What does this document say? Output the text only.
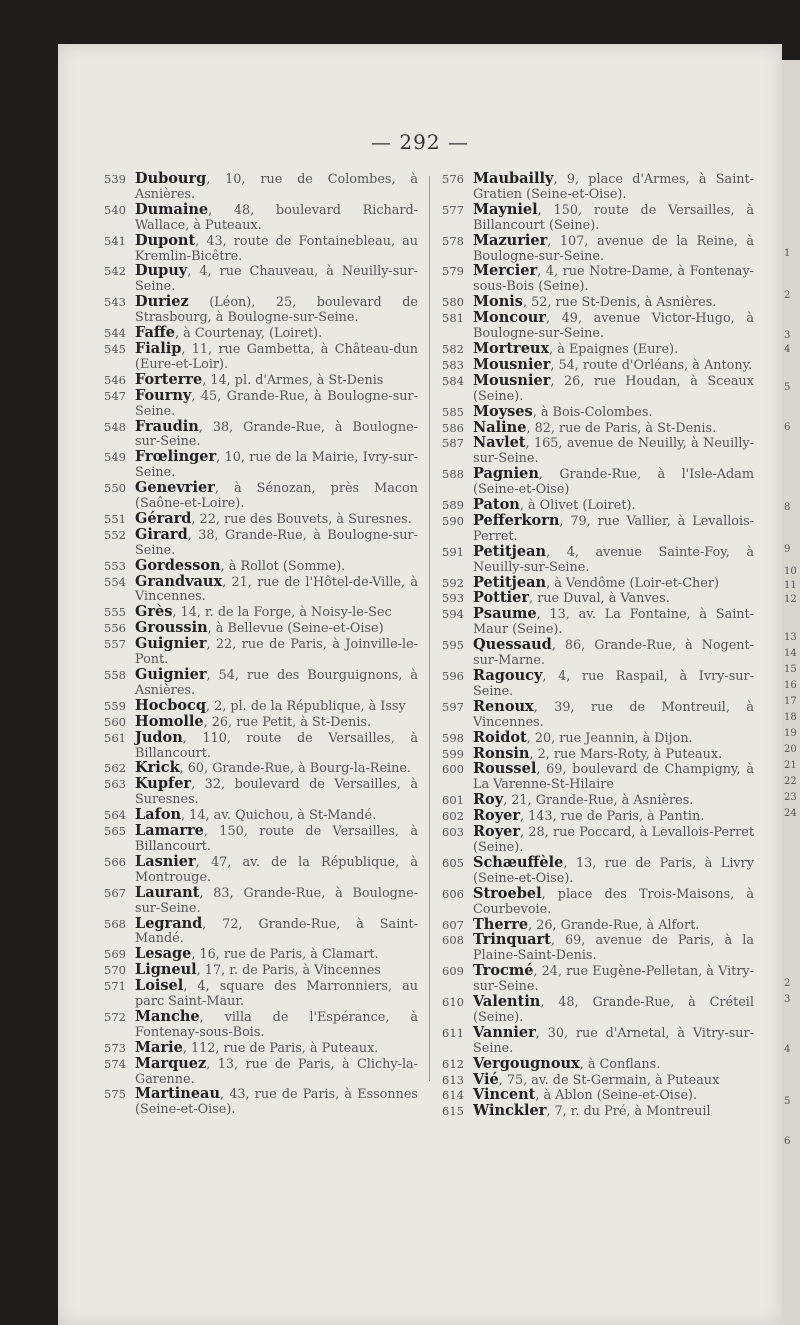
— 292 —
539 Dubourg, 10, rue de Colombes, à Asnières.
540 Dumaine, 48, boulevard Richard-Wallace, à Puteaux.
541 Dupont, 43, route de Fontainebleau, au Kremlin-Bicêtre.
542 Dupuy, 4, rue Chauveau, à Neuilly-sur-Seine.
543 Duriez (Léon), 25, boulevard de Strasbourg, à Boulogne-sur-Seine.
544 Faffe, à Courtenay, (Loiret).
545 Fialip, 11, rue Gambetta, à Château-dun (Eure-et-Loir).
546 Forterre, 14, pl. d'Armes, à St-Denis
547 Fourny, 45, Grande-Rue, à Boulogne-sur-Seine.
548 Fraudin, 38, Grande-Rue, à Boulogne-sur-Seine.
549 Frœlinger, 10, rue de la Mairie, Ivry-sur-Seine.
550 Genevrier, à Sénozan, près Macon (Saône-et-Loire).
551 Gérard, 22, rue des Bouvets, à Suresnes.
552 Girard, 38, Grande-Rue, à Boulogne-sur-Seine.
553 Gordesson, à Rollot (Somme).
554 Grandvaux, 21, rue de l'Hôtel-de-Ville, à Vincennes.
555 Grès, 14, r. de la Forge, à Noisy-le-Sec
556 Groussin, à Bellevue (Seine-et-Oise)
557 Guignier, 22, rue de Paris, à Joinville-le-Pont.
558 Guignier, 54, rue des Bourguignons, à Asnières.
559 Hocbocq, 2, pl. de la République, à Issy
560 Homolle, 26, rue Petit, à St-Denis.
561 Judon, 110, route de Versailles, à Billancourt.
562 Krick, 60, Grande-Rue, à Bourg-la-Reine.
563 Kupfer, 32, boulevard de Versailles, à Suresnes.
564 Lafon, 14, av. Quichou, à St-Mandé.
565 Lamarre, 150, route de Versailles, à Billancourt.
566 Lasnier, 47, av. de la République, à Montrouge.
567 Laurant, 83, Grande-Rue, à Boulogne-sur-Seine.
568 Legrand, 72, Grande-Rue, à Saint-Mandé.
569 Lesage, 16, rue de Paris, à Clamart.
570 Ligneul, 17, r. de Paris, à Vincennes
571 Loisel, 4, square des Marronniers, au parc Saint-Maur.
572 Manche, villa de l'Espérance, à Fontenay-sous-Bois.
573 Marie, 112, rue de Paris, à Puteaux.
574 Marquez, 13, rue de Paris, à Clichy-la-Garenne.
575 Martineau, 43, rue de Paris, à Essonnes (Seine-et-Oise).
576 Maubailly, 9, place d'Armes, à Saint-Gratien (Seine-et-Oise).
577 Mayniel, 150, route de Versailles, à Billancourt (Seine).
578 Mazurier, 107, avenue de la Reine, à Boulogne-sur-Seine.
579 Mercier, 4, rue Notre-Dame, à Fontenay-sous-Bois (Seine).
580 Monis, 52, rue St-Denis, à Asnières.
581 Moncour, 49, avenue Victor-Hugo, à Boulogne-sur-Seine.
582 Mortreux, à Epaignes (Eure).
583 Mousnier, 54, route d'Orléans, à Antony.
584 Mousnier, 26, rue Houdan, à Sceaux (Seine).
585 Moyses, à Bois-Colombes.
586 Naline, 82, rue de Paris, à St-Denis.
587 Navlet, 165, avenue de Neuilly, à Neuilly-sur-Seine.
588 Pagnien, Grande-Rue, à l'Isle-Adam (Seine-et-Oise)
589 Paton, à Olivet (Loiret).
590 Pefferkorn, 79, rue Vallier, à Levallois-Perret.
591 Petitjean, 4, avenue Sainte-Foy, à Neuilly-sur-Seine.
592 Petitjean, à Vendôme (Loir-et-Cher)
593 Pottier, rue Duval, à Vanves.
594 Psaume, 13, av. La Fontaine, à Saint-Maur (Seine).
595 Quessaud, 86, Grande-Rue, à Nogent-sur-Marne.
596 Ragoucy, 4, rue Raspail, à Ivry-sur-Seine.
597 Renoux, 39, rue de Montreuil, à Vincennes.
598 Roidot, 20, rue Jeannin, à Dijon.
599 Ronsin, 2, rue Mars-Roty, à Puteaux.
600 Roussel, 69, boulevard de Champigny, à La Varenne-St-Hilaire
601 Roy, 21, Grande-Rue, à Asnières.
602 Royer, 143, rue de Paris, à Pantin.
603 Royer, 28, rue Poccard, à Levallois-Perret (Seine).
605 Schæuffèle, 13, rue de Paris, à Livry (Seine-et-Oise).
606 Stroebel, place des Trois-Maisons, à Courbevoie.
607 Therre, 26, Grande-Rue, à Alfort.
608 Trinquart, 69, avenue de Paris, à la Plaine-Saint-Denis.
609 Trocmé, 24, rue Eugène-Pelletan, à Vitry-sur-Seine.
610 Valentin, 48, Grande-Rue, à Créteil (Seine).
611 Vannier, 30, rue d'Arnetal, à Vitry-sur-Seine.
612 Vergougnoux, à Conflans.
613 Vié, 75, av. de St-Germain, à Puteaux
614 Vincent, à Ablon (Seine-et-Oise).
615 Winckler, 7, r. du Pré, à Montreuil
1
2
3
4
5
6
8
9
10
11
12
13
14
15
16
17
18
19
20
21
22
23
24
2
3
4
5
6
